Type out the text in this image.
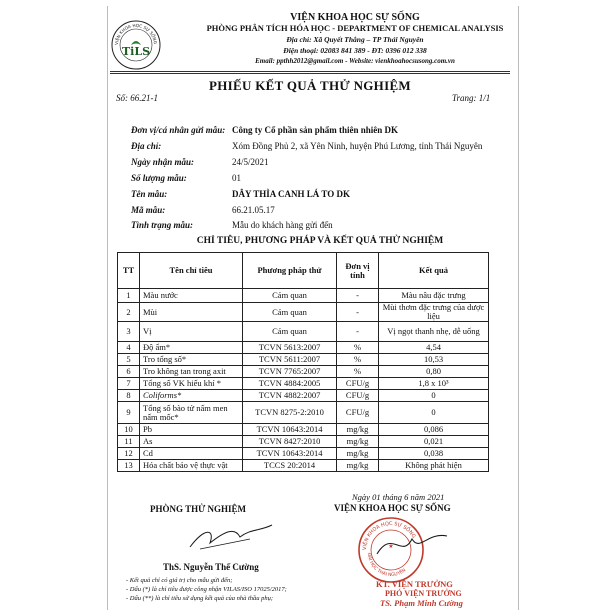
VIỆN KHOA HỌC SỰ SỐNG
TiLS
VIỆN KHOA HỌC SỰ SỐNG
PHÒNG PHÂN TÍCH HÓA HỌC - DEPARTMENT OF CHEMICAL ANALYSIS
Địa chỉ: Xã Quyết Thắng – TP Thái Nguyên
Điện thoại: 02083 841 389 - ĐT: 0396 012 338
Email: ppthh2012@gmail.com - Website: vienkhoahocsusong.com.vn
PHIẾU KẾT QUẢ THỬ NGHIỆM
Số: 66.21-1	Trang: 1/1
Đơn vị/cá nhân gửi mẫu: Công ty Cổ phần sản phẩm thiên nhiên DK
Địa chỉ:	Xóm Đồng Phủ 2, xã Yên Ninh, huyện Phú Lương, tỉnh Thái Nguyên
Ngày nhận mẫu:	24/5/2021
Số lượng mẫu:	01
Tên mẫu:	DÂY THÌA CANH LÁ TO DK
Mã mẫu:	66.21.05.17
Tình trạng mẫu:	Mẫu do khách hàng gửi đến
CHỈ TIÊU, PHƯƠNG PHÁP VÀ KẾT QUẢ THỬ NGHIỆM
TT	Tên chỉ tiêu	Phương pháp thử	Đơn vị tính	Kết quả
1	Màu nước	Cảm quan	-	Màu nâu đặc trưng
2	Mùi	Cảm quan	-	Mùi thơm đặc trưng của dược liệu
3	Vị	Cảm quan	-	Vị ngọt thanh nhẹ, dễ uống
4	Độ ẩm*	TCVN 5613:2007	%	4,54
5	Tro tổng số*	TCVN 5611:2007	%	10,53
6	Tro không tan trong axit	TCVN 7765:2007	%	0,80
7	Tổng số VK hiếu khí *	TCVN 4884:2005	CFU/g	1,8 x 10³
8	Coliforms*	TCVN 4882:2007	CFU/g	0
9	Tổng số bào tử nấm men nấm mốc*	TCVN 8275-2:2010	CFU/g	0
10	Pb	TCVN 10643:2014	mg/kg	0,086
11	As	TCVN 8427:2010	mg/kg	0,021
12	Cd	TCVN 10643:2014	mg/kg	0,038
13	Hóa chất bảo vệ thực vật	TCCS 20:2014	mg/kg	Không phát hiện
Ngày 01 tháng 6 năm 2021
PHÒNG THỬ NGHIỆM	VIỆN KHOA HỌC SỰ SỐNG
VIỆN KHOA HỌC SỰ SỐNG
ĐẠI HỌC THÁI NGUYÊN
★
ThS. Nguyễn Thế Cường
- Kết quả chỉ có giá trị cho mẫu gửi đến;
- Dấu (*) là chỉ tiêu được công nhận VILAS/ISO 17025/2017;
- Dấu (**) là chỉ tiêu sử dụng kết quả của nhà thầu phụ;
KT. VIỆN TRƯỞNG
PHÓ VIỆN TRƯỞNG
TS. Phạm Minh Cường
